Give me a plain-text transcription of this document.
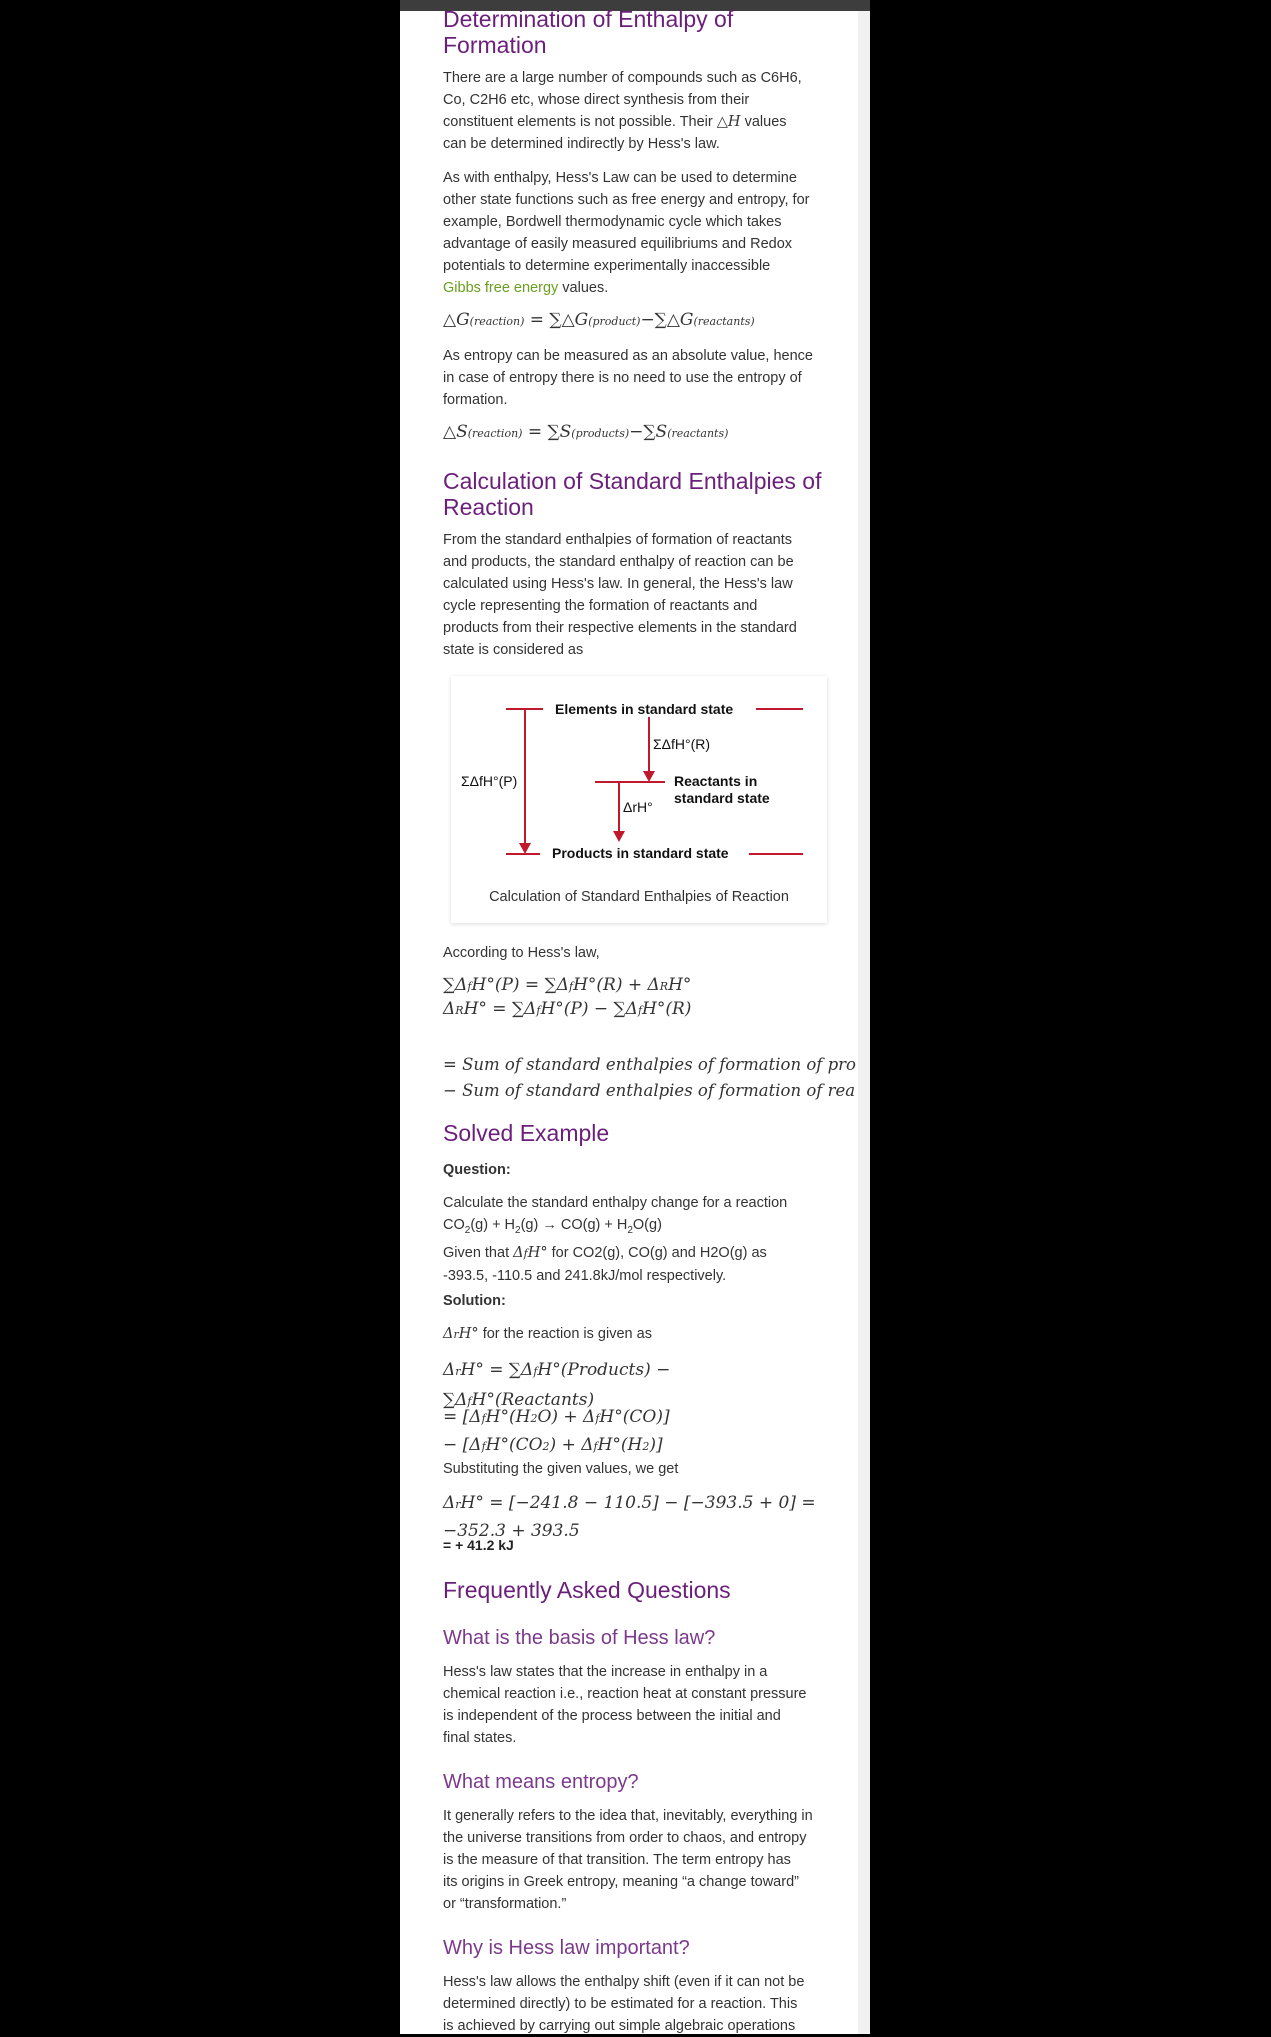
Determination of Enthalpy of
Formation

There are a large number of compounds such as C6H6,
Co, C2H6 etc, whose direct synthesis from their
constituent elements is not possible. Their △H values
can be determined indirectly by Hess's law.

As with enthalpy, Hess's Law can be used to determine
other state functions such as free energy and entropy, for
example, Bordwell thermodynamic cycle which takes
advantage of easily measured equilibriums and Redox
potentials to determine experimentally inaccessible
Gibbs free energy values.

△G(reaction) = ∑△G(product)−∑△G(reactants)

As entropy can be measured as an absolute value, hence
in case of entropy there is no need to use the entropy of
formation.

△S(reaction) = ∑S(products)−∑S(reactants)
Calculation of Standard Enthalpies of
Reaction

From the standard enthalpies of formation of reactants
and products, the standard enthalpy of reaction can be
calculated using Hess's law. In general, the Hess's law
cycle representing the formation of reactants and
products from their respective elements in the standard
state is considered as

Elements in standard state
ΣΔfH°(R)
ΣΔfH°(P)	Reactants in
standard state
ΔrH°
Products in standard state
Calculation of Standard Enthalpies of Reaction

According to Hess's law,

∑ΔfH°(P) = ∑ΔfH°(R) + ΔRH°
ΔRH° = ∑ΔfH°(P) − ∑ΔfH°(R)
= Sum of standard enthalpies of formation of pro
− Sum of standard enthalpies of formation of rea
Solved Example

Question:

Calculate the standard enthalpy change for a reaction
$CO_2(g) + H_2(g) \to CO(g) + H_2O(g)$
Given that ΔfH° for CO2(g), CO(g) and H2O(g) as
-393.5, -110.5 and 241.8kJ/mol respectively.

Solution:

ΔrH° for the reaction is given as

ΔrH° = ∑ΔfH°(Products) −
∑ΔfH°(Reactants)
= [ΔfH°(H2O) + ΔfH°(CO)]
− [ΔfH°(CO2) + ΔfH°(H2)]

Substituting the given values, we get

ΔrH° = [−241.8 − 110.5] − [−393.5 + 0] =
−352.3 + 393.5
= + 41.2 kJ
Frequently Asked Questions
What is the basis of Hess law?

Hess's law states that the increase in enthalpy in a
chemical reaction i.e., reaction heat at constant pressure
is independent of the process between the initial and
final states.

What means entropy?

It generally refers to the idea that, inevitably, everything in
the universe transitions from order to chaos, and entropy
is the measure of that transition. The term entropy has
its origins in Greek entropy, meaning “a change toward”
or “transformation.”

Why is Hess law important?

Hess's law allows the enthalpy shift (even if it can not be
determined directly) to be estimated for a reaction. This
is achieved by carrying out simple algebraic operations
